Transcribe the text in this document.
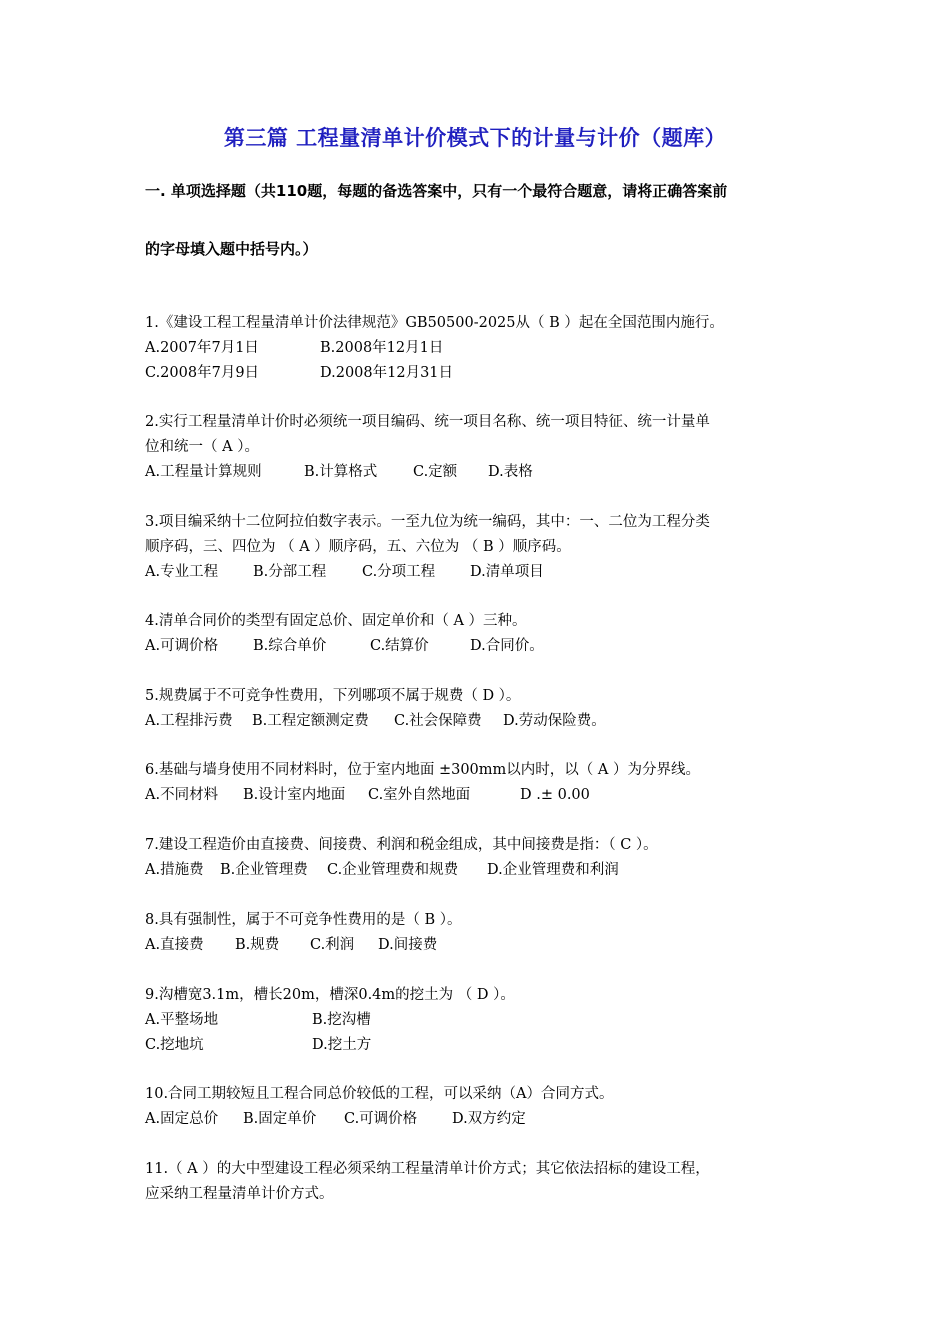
第三篇 工程量清单计价模式下的计量与计价（题库）
一. 单项选择题（共110题，每题的备选答案中，只有一个最符合题意，请将正确答案前
的字母填入题中括号内。）
1.《建设工程工程量清单计价法律规范》GB50500-2025从（ B ）起在全国范围内施行。
A.2007年7月1日	B.2008年12月1日
C.2008年7月9日	D.2008年12月31日
2.实行工程量清单计价时必须统一项目编码、统一项目名称、统一项目特征、统一计量单
位和统一（ A ）。
A.工程量计算规则	B.计算格式	C.定额	D.表格
3.项目编采纳十二位阿拉伯数字表示。一至九位为统一编码，其中：一、二位为工程分类
顺序码，三、四位为 （ A ）顺序码，五、六位为 （ B ）顺序码。
A.专业工程	B.分部工程	C.分项工程	D.清单项目
4.清单合同价的类型有固定总价、固定单价和（ A ）三种。
A.可调价格	B.综合单价	C.结算价	D.合同价。
5.规费属于不可竞争性费用，下列哪项不属于规费（ D ）。
A.工程排污费	B.工程定额测定费	C.社会保障费	D.劳动保险费。
6.基础与墙身使用不同材料时，位于室内地面 ±300mm以内时，以（ A ）为分界线。
A.不同材料	B.设计室内地面	C.室外自然地面	D .± 0.00
7.建设工程造价由直接费、间接费、利润和税金组成，其中间接费是指：（ C ）。
A.措施费	B.企业管理费	C.企业管理费和规费	D.企业管理费和利润
8.具有强制性，属于不可竞争性费用的是（ B ）。
A.直接费	B.规费	C.利润	D.间接费
9.沟槽宽3.1m，槽长20m，槽深0.4m的挖土为 （ D ）。
A.平整场地	B.挖沟槽
C.挖地坑	D.挖土方
10.合同工期较短且工程合同总价较低的工程，可以采纳（A）合同方式。
A.固定总价	B.固定单价	C.可调价格	D.双方约定
11.（ A ）的大中型建设工程必须采纳工程量清单计价方式；其它依法招标的建设工程，
应采纳工程量清单计价方式。
